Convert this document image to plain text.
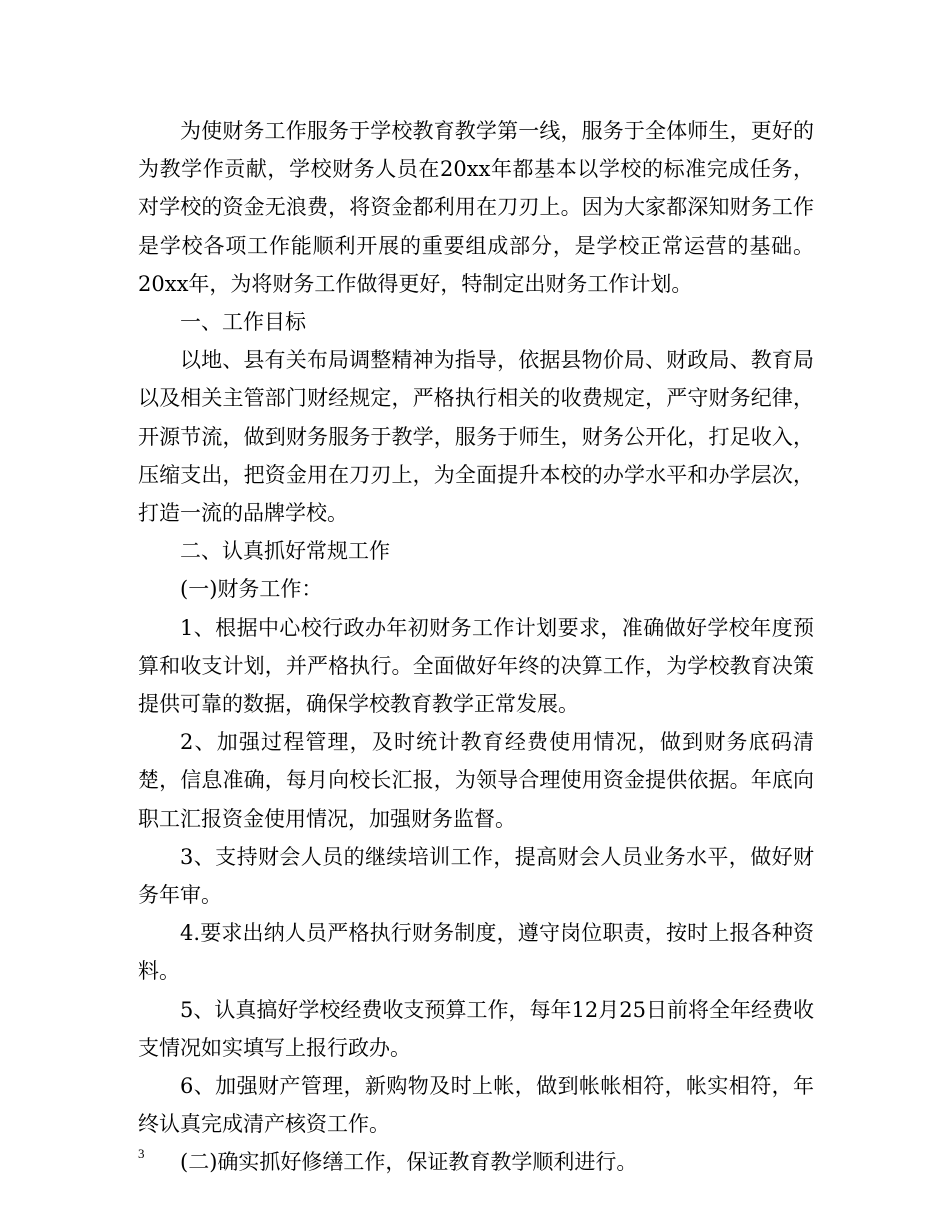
为使财务工作服务于学校教育教学第一线，服务于全体师生，更好的为教学作贡献，学校财务人员在20xx年都基本以学校的标准完成任务，对学校的资金无浪费，将资金都利用在刀刃上。因为大家都深知财务工作是学校各项工作能顺利开展的重要组成部分，是学校正常运营的基础。20xx年，为将财务工作做得更好，特制定出财务工作计划。

一、工作目标

以地、县有关布局调整精神为指导，依据县物价局、财政局、教育局以及相关主管部门财经规定，严格执行相关的收费规定，严守财务纪律，开源节流，做到财务服务于教学，服务于师生，财务公开化，打足收入，压缩支出，把资金用在刀刃上，为全面提升本校的办学水平和办学层次，打造一流的品牌学校。

二、认真抓好常规工作

(一)财务工作：

1、根据中心校行政办年初财务工作计划要求，准确做好学校年度预算和收支计划，并严格执行。全面做好年终的决算工作，为学校教育决策提供可靠的数据，确保学校教育教学正常发展。

2、加强过程管理，及时统计教育经费使用情况，做到财务底码清楚，信息准确，每月向校长汇报，为领导合理使用资金提供依据。年底向职工汇报资金使用情况，加强财务监督。

3、支持财会人员的继续培训工作，提高财会人员业务水平，做好财务年审。

4.要求出纳人员严格执行财务制度，遵守岗位职责，按时上报各种资料。

5、认真搞好学校经费收支预算工作，每年12月25日前将全年经费收支情况如实填写上报行政办。

6、加强财产管理，新购物及时上帐，做到帐帐相符，帐实相符，年终认真完成清产核资工作。

(二)确实抓好修缮工作，保证教育教学顺利进行。

3
